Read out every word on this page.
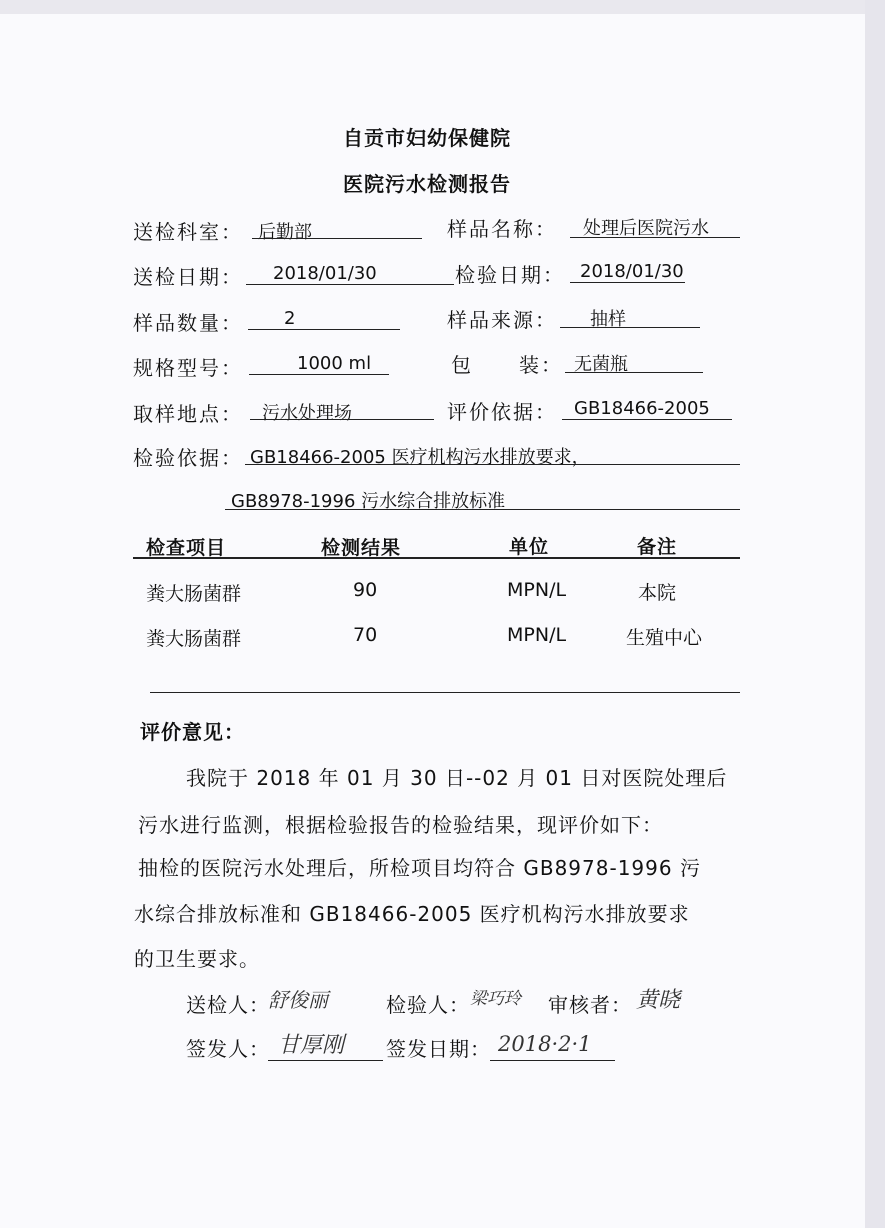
自贡市妇幼保健院
医院污水检测报告
送检科室： 后勤部	样品名称： 处理后医院污水
送检日期： 2018/01/30	检验日期： 2018/01/30
样品数量： 2	样品来源： 抽样
规格型号：	1000 ml	包 装： 无菌瓶
取样地点： 污水处理场	评价依据： GB18466-2005
检验依据： GB18466-2005 医疗机构污水排放要求，
GB8978-1996 污水综合排放标准
检查项目	检测结果	单位	备注
粪大肠菌群	90	MPN/L	本院
粪大肠菌群	70	MPN/L	生殖中心
评价意见：
我院于 2018 年 01 月 30 日--02 月 01 日对医院处理后
污水进行监测，根据检验报告的检验结果，现评价如下：
抽检的医院污水处理后，所检项目均符合 GB8978-1996 污
水综合排放标准和 GB18466-2005 医疗机构污水排放要求
的卫生要求。
送检人：
舒俊丽	检验人： 梁巧玲 审核者： 黄晓
签发人： 甘厚刚 签发日期： 2018·2·1
